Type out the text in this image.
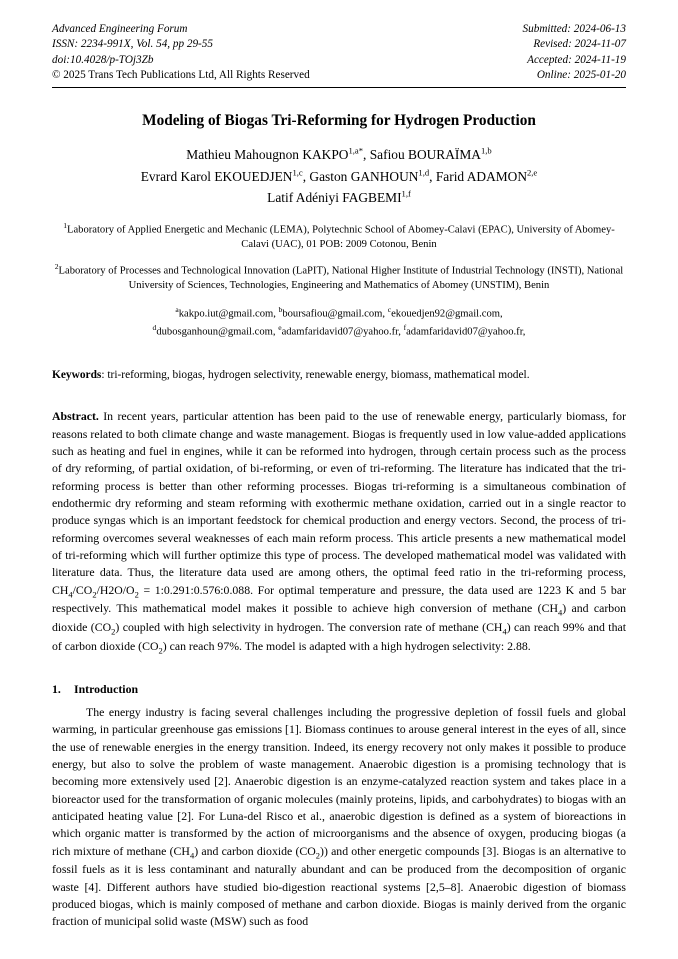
Advanced Engineering Forum
ISSN: 2234-991X, Vol. 54, pp 29-55
doi:10.4028/p-TOj3Zb
© 2025 Trans Tech Publications Ltd, All Rights Reserved
Submitted: 2024-06-13
Revised: 2024-11-07
Accepted: 2024-11-19
Online: 2025-01-20
Modeling of Biogas Tri-Reforming for Hydrogen Production
Mathieu Mahougnon $KAKPO^{1,a*}$, Safiou BOURAÏMA$^{1,b}$
Evrard Karol EKOUEDJEN$^{1,c}$, Gaston GANHOUN$^{1,d}$, Farid ADAMON$^{2,e}$
Latif Adéniyi FAGBEMI$^{1,f}$
$^1$Laboratory of Applied Energetic and Mechanic (LEMA), Polytechnic School of Abomey-Calavi (EPAC), University of Abomey-Calavi (UAC), 01 POB: 2009 Cotonou, Benin
$^2$Laboratory of Processes and Technological Innovation (LaPIT), National Higher Institute of Industrial Technology (INSTI), National University of Sciences, Technologies, Engineering and Mathematics of Abomey (UNSTIM), Benin
$^a$kakpo.iut@gmail.com, $^b$boursafiou@gmail.com, $^c$ekouedjen92@gmail.com,
$^d$dubosganhoun@gmail.com, $^e$adamfaridavid07@yahoo.fr, $^f$adamfaridavid07@yahoo.fr,
Keywords: tri-reforming, biogas, hydrogen selectivity, renewable energy, biomass, mathematical model.
Abstract. In recent years, particular attention has been paid to the use of renewable energy, particularly biomass, for reasons related to both climate change and waste management. Biogas is frequently used in low value-added applications such as heating and fuel in engines, while it can be reformed into hydrogen, through certain process such as the process of dry reforming, of partial oxidation, of bi-reforming, or even of tri-reforming. The literature has indicated that the tri-reforming process is better than other reforming processes. Biogas tri-reforming is a simultaneous combination of endothermic dry reforming and steam reforming with exothermic methane oxidation, carried out in a single reactor to produce syngas which is an important feedstock for chemical production and energy vectors. Second, the process of tri-reforming overcomes several weaknesses of each main reform process. This article presents a new mathematical model of tri-reforming which will further optimize this type of process. The developed mathematical model was validated with literature data. Thus, the literature data used are among others, the optimal feed ratio in the tri-reforming process, $CH_4/CO_2/H2O/O_2$ = 1:0.291:0.576:0.088. For optimal temperature and pressure, the data used are 1223 K and 5 bar respectively. This mathematical model makes it possible to achieve high conversion of methane $(CH_4)$ and carbon dioxide $(CO_2)$ coupled with high selectivity in hydrogen. The conversion rate of methane $(CH_4)$ can reach 99% and that of carbon dioxide $(CO_2)$ can reach 97%. The model is adapted with a high hydrogen selectivity: 2.88.
1. Introduction
The energy industry is facing several challenges including the progressive depletion of fossil fuels and global warming, in particular greenhouse gas emissions [1]. Biomass continues to arouse general interest in the eyes of all, since the use of renewable energies in the energy transition. Indeed, its energy recovery not only makes it possible to produce energy, but also to solve the problem of waste management. Anaerobic digestion is a promising technology that is becoming more extensively used [2]. Anaerobic digestion is an enzyme-catalyzed reaction system and takes place in a bioreactor used for the transformation of organic molecules (mainly proteins, lipids, and carbohydrates) to biogas with an anticipated heating value [2]. For Luna-del Risco et al., anaerobic digestion is defined as a system of bioreactions in which organic matter is transformed by the action of microorganisms and the absence of oxygen, producing biogas (a rich mixture of methane $(CH_4)$ and carbon dioxide $(CO_2)$) and other energetic compounds [3]. Biogas is an alternative to fossil fuels as it is less contaminant and naturally abundant and can be produced from the decomposition of organic waste [4]. Different authors have studied bio-digestion reactional systems [2,5–8]. Anaerobic digestion of biomass produced biogas, which is mainly composed of methane and carbon dioxide. Biogas is mainly derived from the organic fraction of municipal solid waste (MSW) such as food
